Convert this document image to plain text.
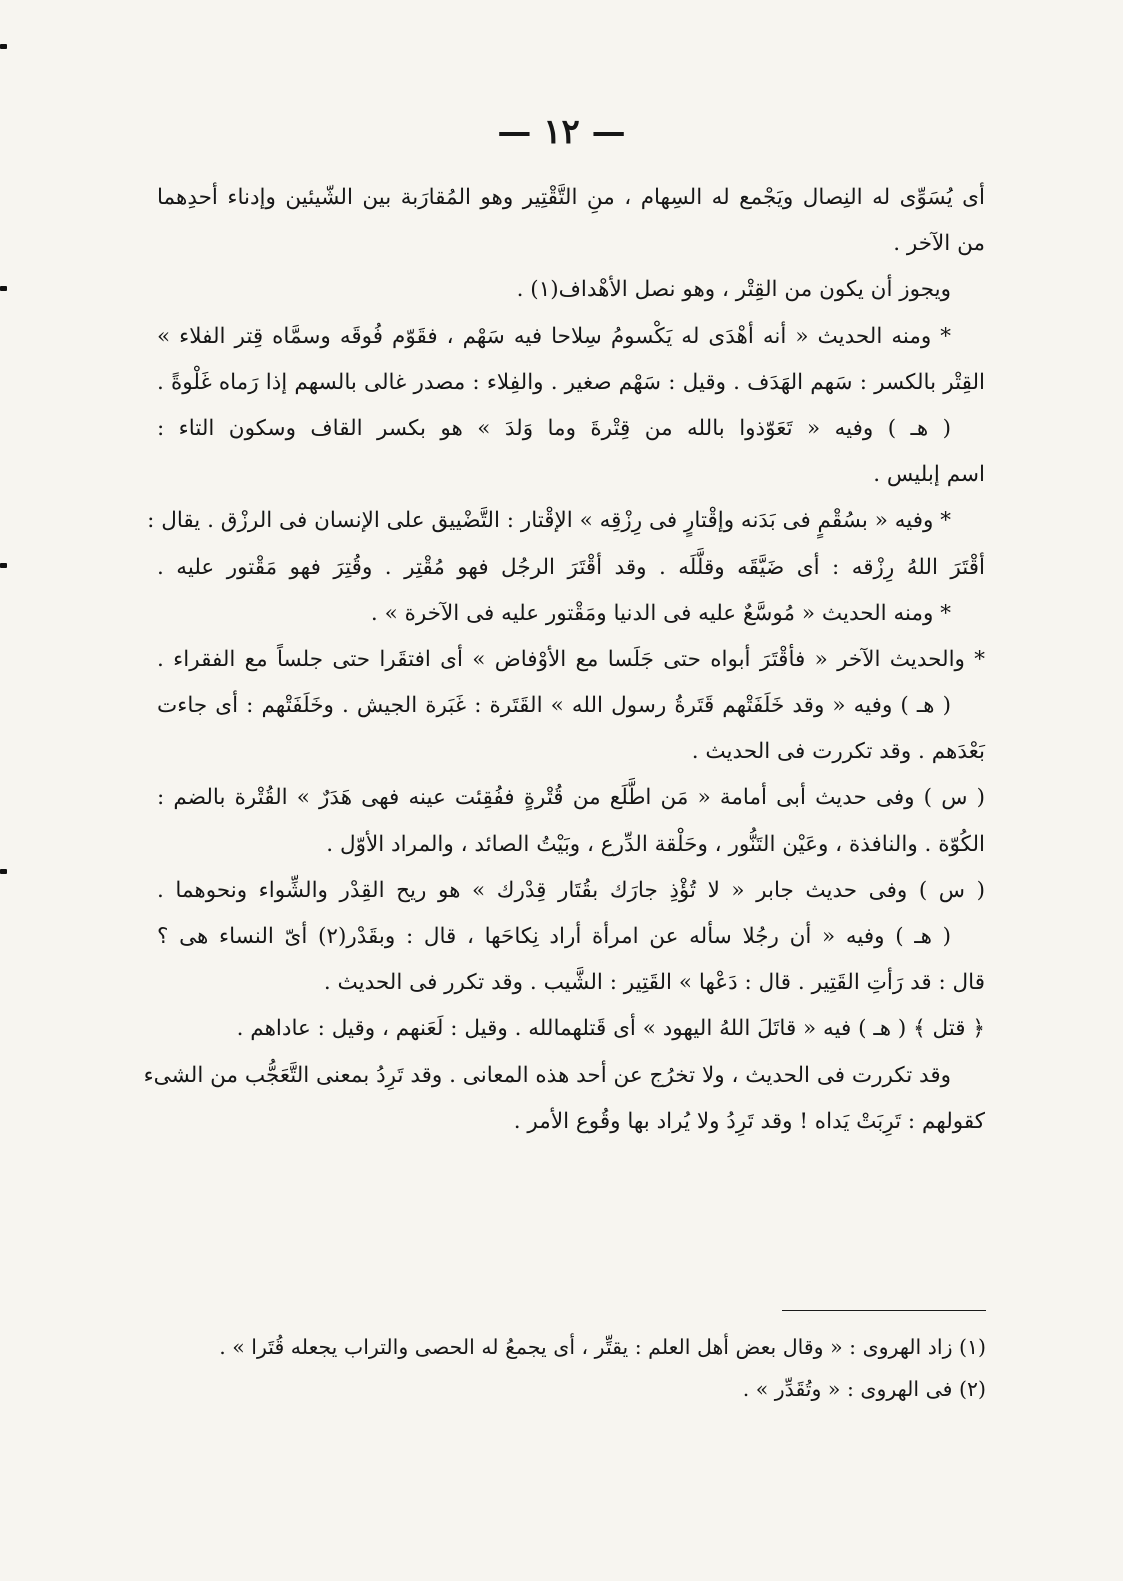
— ١٢ —
أى يُسَوِّى له النِصال ويَجْمع له السِهام ، منِ التَّقْتِير وهو المُقارَبة بين الشّيئين وإدناء أحدِهما
من الآخر .
ويجوز أن يكون من القِتْر ، وهو نصل الأهْداف(١) .
* ومنه الحديث « أنه أهْدَى له يَكْسومُ سِلاحا فيه سَهْم ، فقَوّم فُوقَه وسمَّاه قِتر الفلاء »
القِتْر بالكسر : سَهم الهَدَف . وقيل : سَهْم صغير . والفِلاء : مصدر غالى بالسهم إذا رَماه غَلْوةً .
( هـ ) وفيه « تَعَوّذوا بالله من قِتْرةَ وما وَلدَ » هو بكسر القاف وسكون التاء :
اسم إبليس .
* وفيه « بسُقْمٍ فى بَدَنه وإقْتارٍ فى رِزْقِه » الإقْتار : التَّضْييق على الإنسان فى الرزْق . يقال :
أقْتَرَ اللهُ رِزْقه : أى ضَيَّقَه وقلَّلَه . وقد أقْتَرَ الرجُل فهو مُقْتِر . وقُتِرَ فهو مَقْتور عليه .
* ومنه الحديث « مُوسَّعٌ عليه فى الدنيا ومَقْتور عليه فى الآخرة » .
* والحديث الآخر « فأقْتَرَ أبواه حتى جَلَسا مع الأوْفاض » أى افتقَرا حتى جلساً مع الفقراء .
( هـ ) وفيه « وقد خَلَفَتْهم قَتَرةُ رسول الله » القَتَرة : غَبَرة الجيش . وخَلَفَتْهم : أى جاءت
بَعْدَهم . وقد تكررت فى الحديث .
( س ) وفى حديث أبى أمامة « مَن اطَّلَع من قُتْرةٍ ففُقِئت عينه فهى هَدَرٌ » القُتْرة بالضم :
الكُوّة . والنافذة ، وعَيْن التَنُّور ، وحَلْقة الدِّرع ، وبَيْتُ الصائد ، والمراد الأوّل .
( س ) وفى حديث جابر « لا تُؤْذِ جارَك بقُتَار قِدْرك » هو ريح القِدْر والشِّواء ونحوهما .
( هـ ) وفيه « أن رجُلا سأله عن امرأة أراد نِكاحَها ، قال : وبقَدْر(٢) أىّ النساء هى ؟
قال : قد رَأتِ القَتِير . قال : دَعْها » القَتِير : الشَّيب . وقد تكرر فى الحديث .
﴿ قتل ﴾ ( هـ ) فيه « قاتَلَ اللهُ اليهود » أى قَتلهمالله . وقيل : لَعَنهم ، وقيل : عاداهم .
وقد تكررت فى الحديث ، ولا تخرُج عن أحد هذه المعانى . وقد تَرِدُ بمعنى التَّعَجُّب من الشىء
كقولهم : تَرِبَتْ يَداه ! وقد تَرِدُ ولا يُراد بها وقُوع الأمر .
(١) زاد الهروى : « وقال بعض أهل العلم : يقتِّر ، أى يجمعُ له الحصى والتراب يجعله قُتَرا » .
(٢) فى الهروى : « وتُقَدِّر » .
